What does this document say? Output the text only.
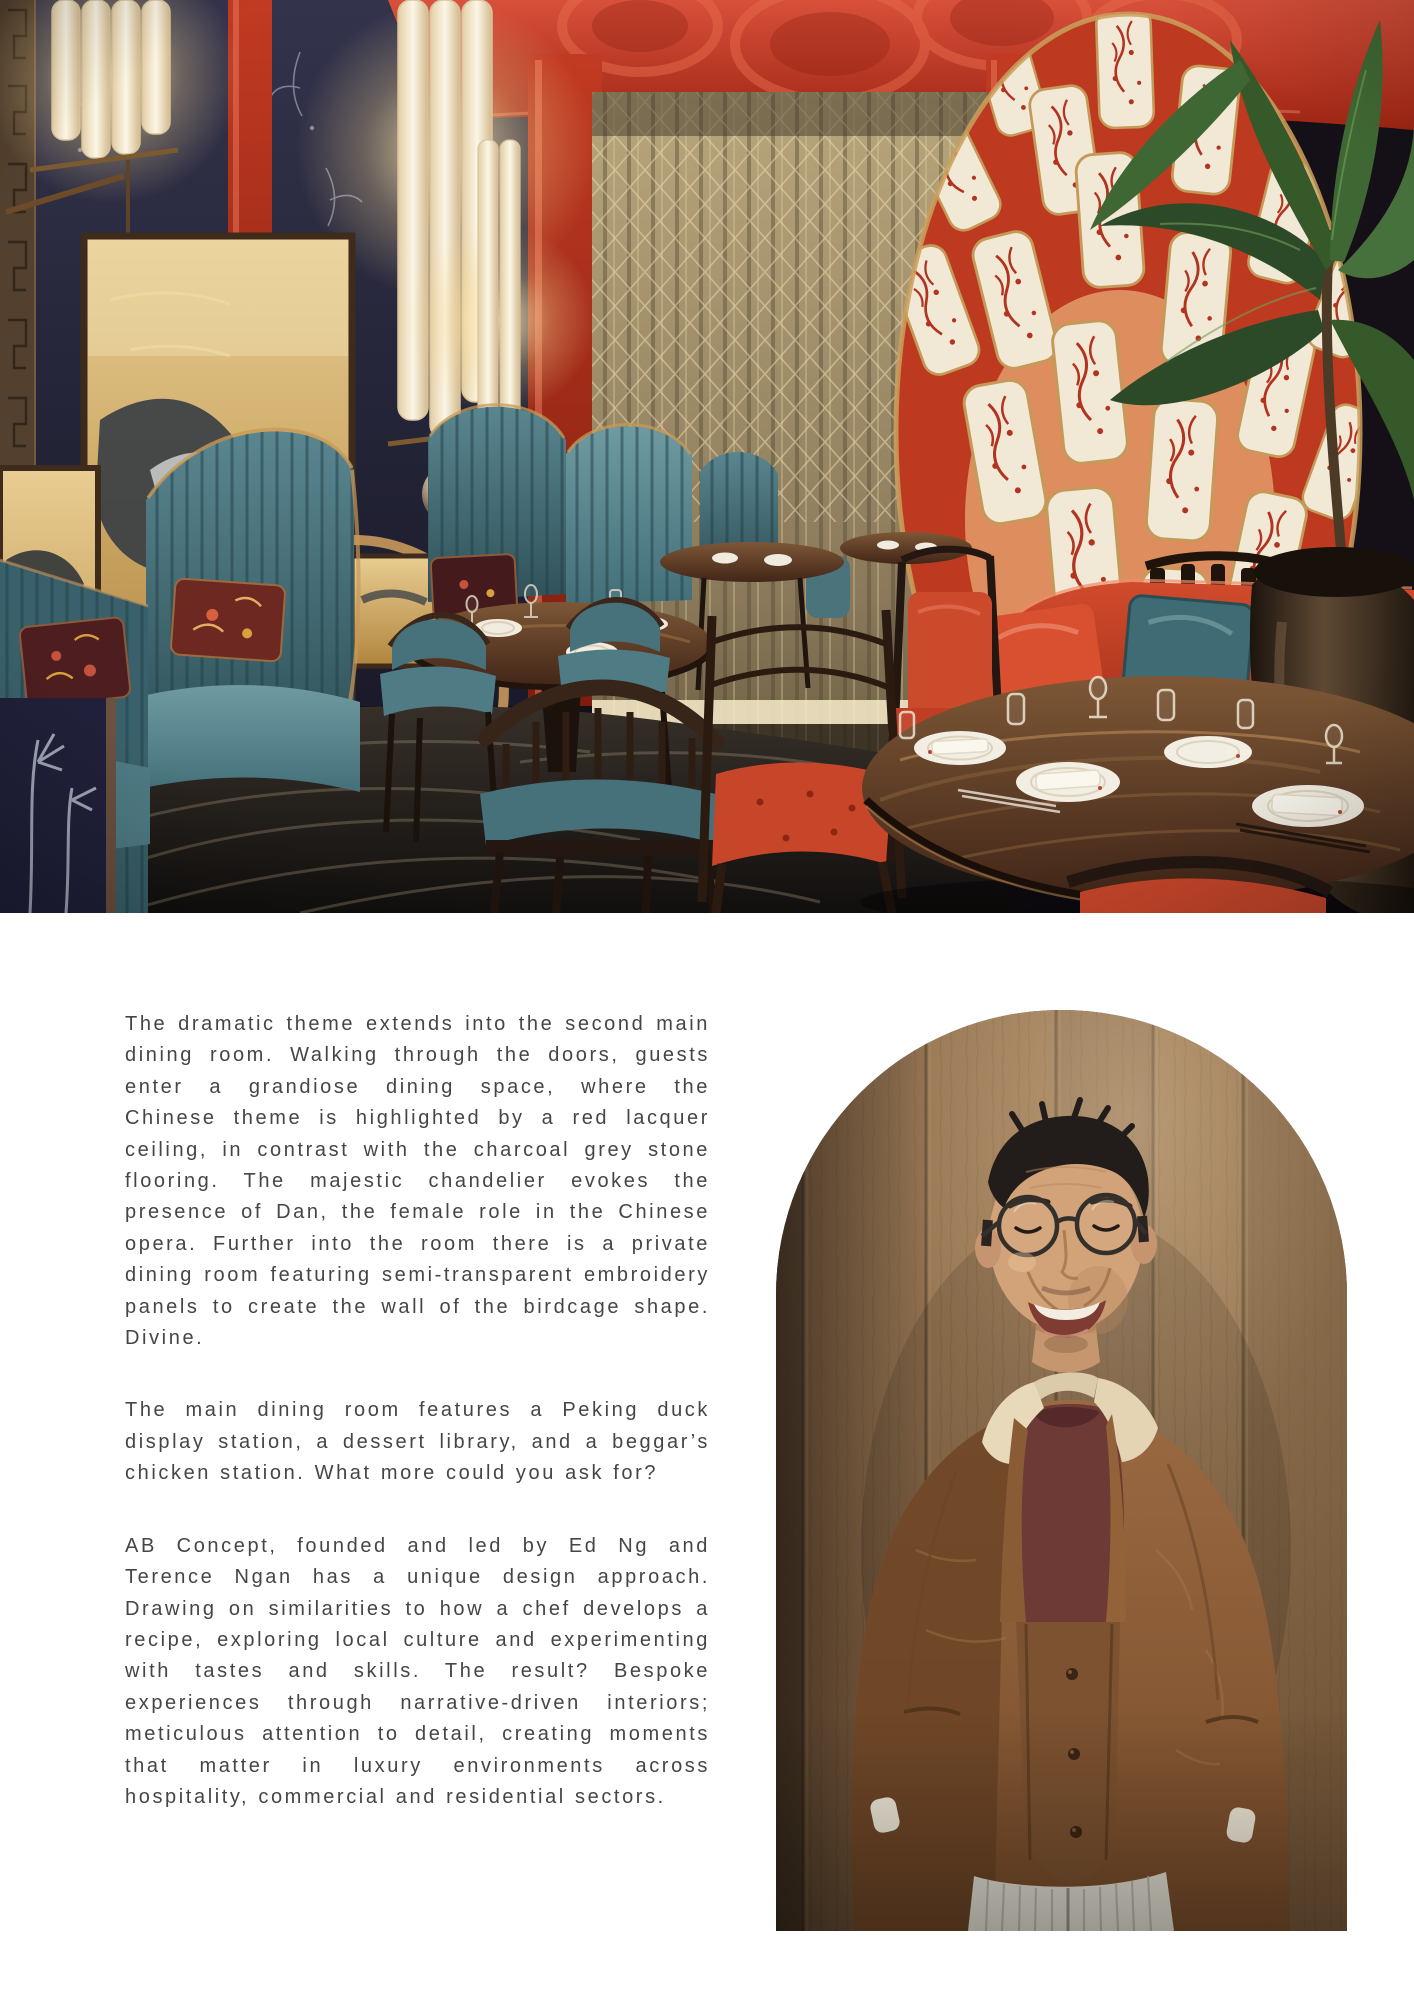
The dramatic theme extends into the second main dining room. Walking through the doors, guests enter a grandiose dining space, where the Chinese theme is highlighted by a red lacquer ceiling, in contrast with the charcoal grey stone flooring. The majestic chandelier evokes the presence of Dan, the female role in the Chinese opera. Further into the room there is a private dining room featuring semi-transparent embroidery panels to create the wall of the birdcage shape. Divine.

The main dining room features a Peking duck display station, a dessert library, and a beggar’s chicken station. What more could you ask for?

AB Concept, founded and led by Ed Ng and Terence Ngan has a unique design approach. Drawing on similarities to how a chef develops a recipe, exploring local culture and experimenting with tastes and skills. The result? Bespoke experiences through narrative-driven interiors; meticulous attention to detail, creating moments that matter in luxury environments across hospitality, commercial and residential sectors.
